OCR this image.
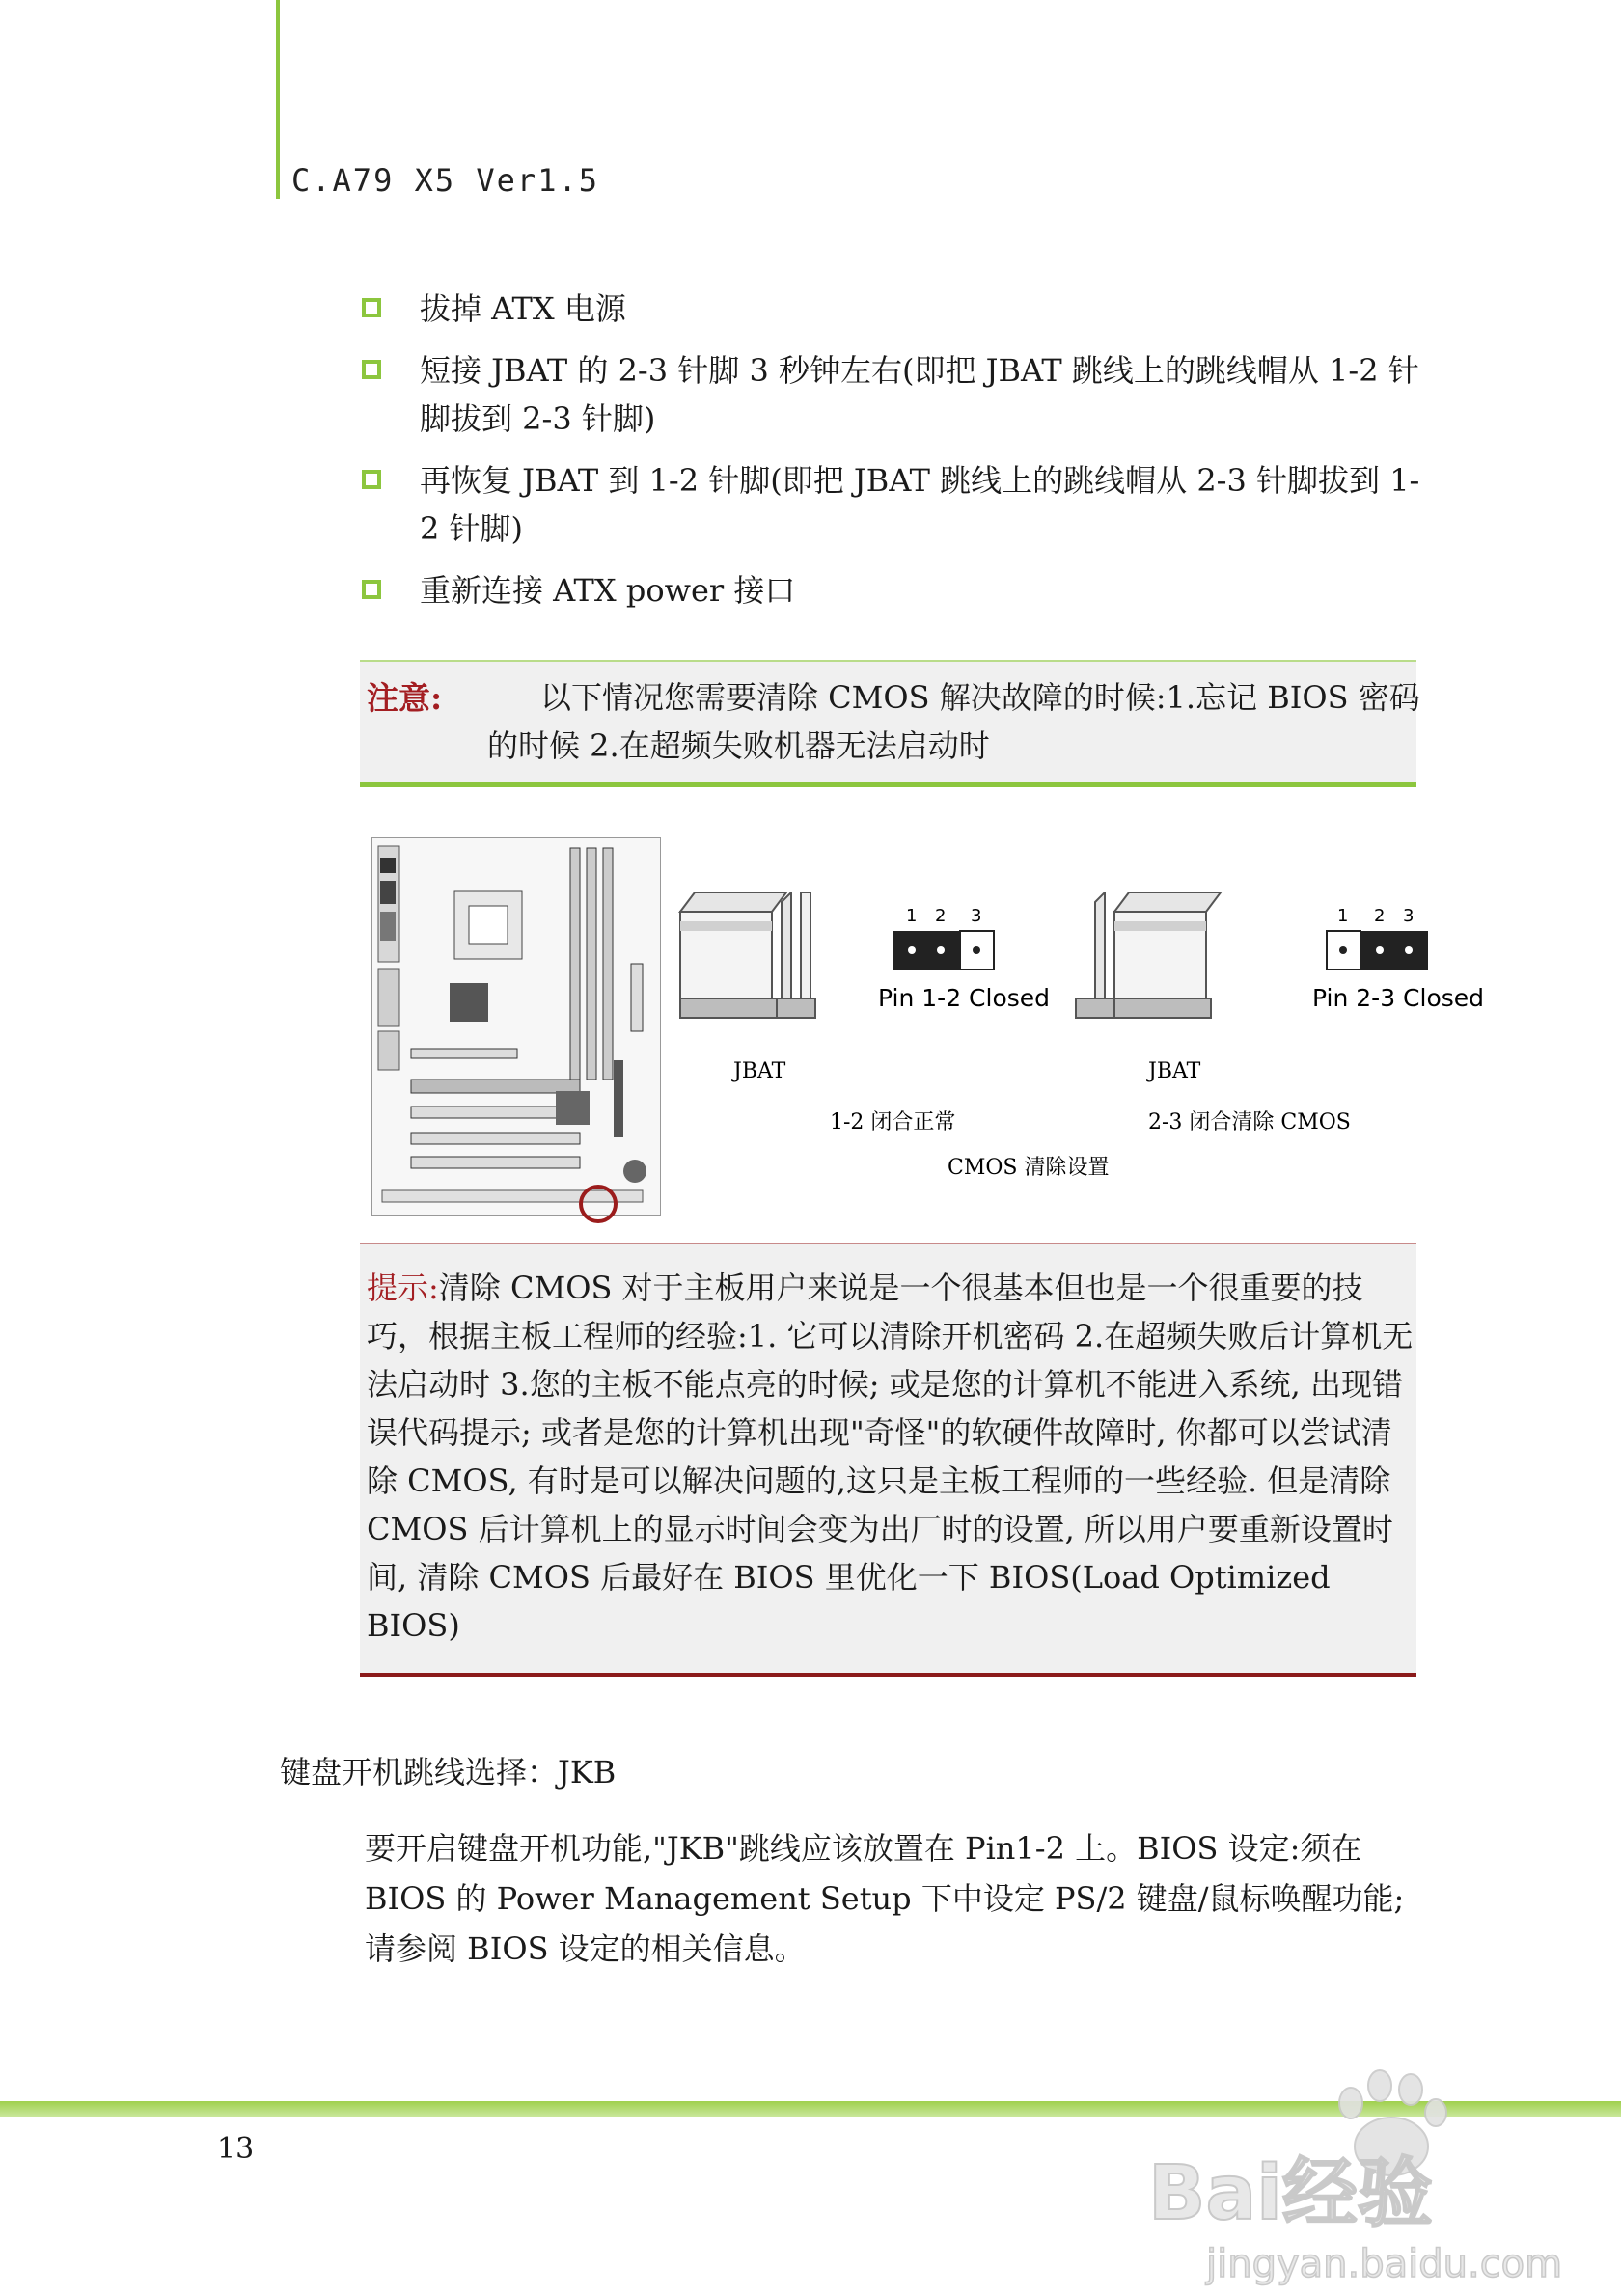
C.A79 X5 Ver1.5
拔掉 ATX 电源
短接 JBAT 的 2-3 针脚 3 秒钟左右(即把 JBAT 跳线上的跳线帽从 1-2 针脚拔到 2-3 针脚)
再恢复 JBAT 到 1-2 针脚(即把 JBAT 跳线上的跳线帽从 2-3 针脚拔到 1-2 针脚)
重新连接 ATX power 接口
注意:	以下情况您需要清除 CMOS 解决故障的时候:1.忘记 BIOS 密码
的时候 2.在超频失败机器无法启动时
1 2 3
Pin 1-2 Closed
1 2 3
Pin 2-3 Closed
JBAT	JBAT
1-2 闭合正常	2-3 闭合清除 CMOS
CMOS 清除设置
提示:清除 CMOS 对于主板用户来说是一个很基本但也是一个很重要的技巧，根据主板工程师的经验:1. 它可以清除开机密码 2.在超频失败后计算机无法启动时 3.您的主板不能点亮的时候; 或是您的计算机不能进入系统, 出现错误代码提示; 或者是您的计算机出现"奇怪"的软硬件故障时, 你都可以尝试清除 CMOS, 有时是可以解决问题的,这只是主板工程师的一些经验. 但是清除 CMOS 后计算机上的显示时间会变为出厂时的设置, 所以用户要重新设置时间, 清除 CMOS 后最好在 BIOS 里优化一下 BIOS(Load Optimized BIOS)
键盘开机跳线选择：JKB
要开启键盘开机功能,"JKB"跳线应该放置在 Pin1-2 上。BIOS 设定:须在 BIOS 的 Power Management Setup 下中设定 PS/2 键盘/鼠标唤醒功能;请参阅 BIOS 设定的相关信息。
13
Bai经验
jingyan.baidu.com
